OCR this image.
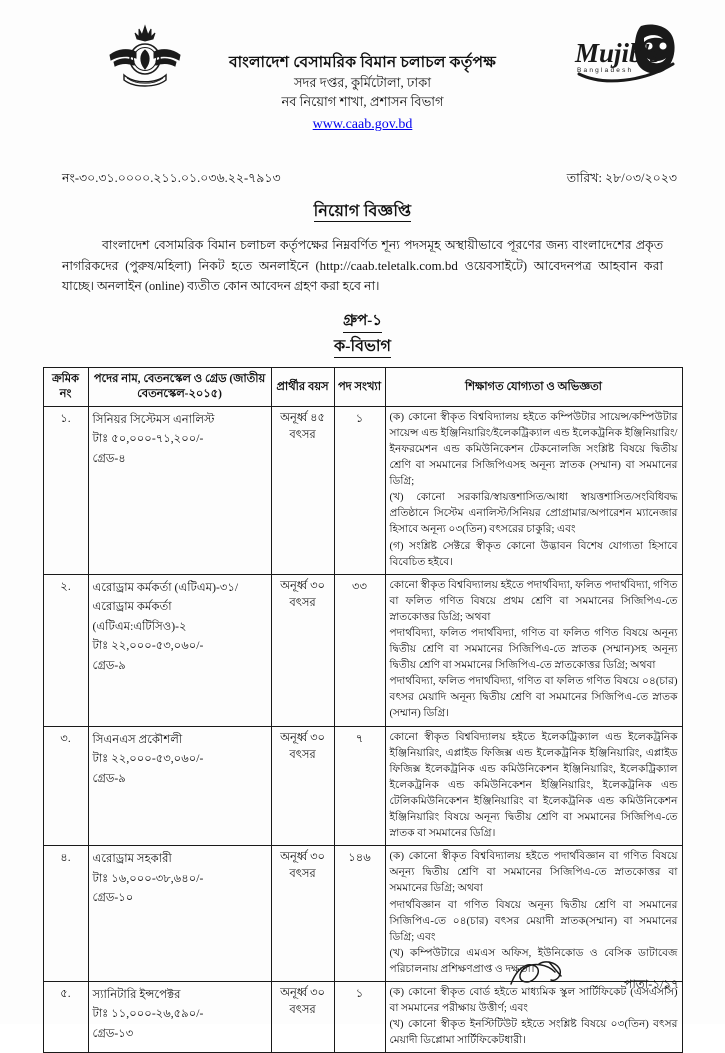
Mujib's
Bangladesh
বাংলাদেশ বেসামরিক বিমান চলাচল কর্তৃপক্ষ
সদর দপ্তর, কুর্মিটোলা, ঢাকা
নব নিয়োগ শাখা, প্রশাসন বিভাগ
www.caab.gov.bd
নং-৩০.৩১.০০০০.২১১.০১.০৩৬.২২-৭৯১৩	তারিখ: ২৮/০৩/২০২৩
নিয়োগ বিজ্ঞপ্তি
বাংলাদেশ বেসামরিক বিমান চলাচল কর্তৃপক্ষের নিম্নবর্ণিত শূন্য পদসমূহ অস্থায়ীভাবে পূরণের জন্য বাংলাদেশের প্রকৃত নাগরিকদের (পুরুষ/মহিলা) নিকট হতে অনলাইনে (http://caab.teletalk.com.bd ওয়েবসাইটে) আবেদনপত্র আহবান করা যাচ্ছে। অনলাইন (online) ব্যতীত কোন আবেদন গ্রহণ করা হবে না।
গ্রুপ-১
ক-বিভাগ
ক্রমিক নং	পদের নাম, বেতনস্কেল ও গ্রেড (জাতীয় বেতনস্কেল-২০১৫)	প্রার্থীর বয়স	পদ সংখ্যা	শিক্ষাগত যোগ্যতা ও অভিজ্ঞতা
১.	সিনিয়র সিস্টেমস এনালিস্ট
টাঃ ৫০,০০০-৭১,২০০/-
গ্রেড-৪	অনূর্ধ্ব ৪৫ বৎসর	১	(ক) কোনো স্বীকৃত বিশ্ববিদ্যালয় হইতে কম্পিউটার সায়েন্স/কম্পিউটার সায়েন্স এন্ড ইঞ্জিনিয়ারিং/ইলেকট্রিক্যাল এন্ড ইলেকট্রনিক ইঞ্জিনিয়ারিং/ইনফরমেশন এন্ড কমিউনিকেশন টেকনোলজি সংশ্লিষ্ট বিষয়ে দ্বিতীয় শ্রেণি বা সমমানের সিজিপিএসহ অনূন্য স্নাতক (সম্মান) বা সমমানের ডিগ্রি;
(খ) কোনো সরকারি/স্বায়ত্তশাসিত/আধা স্বায়ত্তশাসিত/সংবিধিবদ্ধ প্রতিষ্ঠানে সিস্টেম এনালিস্ট/সিনিয়র প্রোগ্রামার/অপারেশন ম্যানেজার হিসাবে অনূন্য ০৩(তিন) বৎসরের চাকুরি; এবং
(গ) সংশ্লিষ্ট সেক্টরে স্বীকৃত কোনো উদ্ভাবন বিশেষ যোগ্যতা হিসাবে বিবেচিত হইবে।
২.	এরোড্রাম কর্মকর্তা (এটিএম)-৩১/
এরোড্রাম কর্মকর্তা (এটিএম:এটিসিও)-২
টাঃ ২২,০০০-৫৩,০৬০/-
গ্রেড-৯	অনূর্ধ্ব ৩০ বৎসর	৩৩	কোনো স্বীকৃত বিশ্ববিদ্যালয় হইতে পদার্থবিদ্যা, ফলিত পদার্থবিদ্যা, গণিত বা ফলিত গণিত বিষয়ে প্রথম শ্রেণি বা সমমানের সিজিপিএ-তে স্নাতকোত্তর ডিগ্রি; অথবা
পদার্থবিদ্যা, ফলিত পদার্থবিদ্যা, গণিত বা ফলিত গণিত বিষয়ে অনূন্য দ্বিতীয় শ্রেণি বা সমমানের সিজিপিএ-তে স্নাতক (সম্মান)সহ অনূন্য দ্বিতীয় শ্রেণি বা সমমানের সিজিপিএ-তে স্নাতকোত্তর ডিগ্রি; অথবা
পদার্থবিদ্যা, ফলিত পদার্থবিদ্যা, গণিত বা ফলিত গণিত বিষয়ে ০৪(চার) বৎসর মেয়াদি অনূন্য দ্বিতীয় শ্রেণি বা সমমানের সিজিপিএ-তে স্নাতক (সম্মান) ডিগ্রি।
৩.	সিএনএস প্রকৌশলী
টাঃ ২২,০০০-৫৩,০৬০/-
গ্রেড-৯	অনূর্ধ্ব ৩০ বৎসর	৭	কোনো স্বীকৃত বিশ্ববিদ্যালয় হইতে ইলেকট্রিক্যাল এন্ড ইলেকট্রনিক ইঞ্জিনিয়ারিং, এপ্লাইড ফিজিক্স এন্ড ইলেকট্রনিক ইঞ্জিনিয়ারিং, এপ্লাইড ফিজিক্স ইলেকট্রনিক এন্ড কমিউনিকেশন ইঞ্জিনিয়ারিং, ইলেকট্রিক্যাল ইলেকট্রনিক এন্ড কমিউনিকেশন ইঞ্জিনিয়ারিং, ইলেকট্রনিক এন্ড টেলিকমিউনিকেশন ইঞ্জিনিয়ারিং বা ইলেকট্রনিক এন্ড কমিউনিকেশন ইঞ্জিনিয়ারিং বিষয়ে অনূন্য দ্বিতীয় শ্রেণি বা সমমানের সিজিপিএ-তে স্নাতক বা সমমানের ডিগ্রি।
৪.	এরোড্রাম সহকারী
টাঃ ১৬,০০০-৩৮,৬৪০/-
গ্রেড-১০	অনূর্ধ্ব ৩০ বৎসর	১৪৬	(ক) কোনো স্বীকৃত বিশ্ববিদ্যালয় হইতে পদার্থবিজ্ঞান বা গণিত বিষয়ে অনূন্য দ্বিতীয় শ্রেণি বা সমমানের সিজিপিএ-তে স্নাতকোত্তর বা সমমানের ডিগ্রি; অথবা
পদার্থবিজ্ঞান বা গণিত বিষয়ে অনূন্য দ্বিতীয় শ্রেণি বা সমমানের সিজিপিএ-তে ০৪(চার) বৎসর মেয়াদী স্নাতক(সম্মান) বা সমমানের ডিগ্রি; এবং
(খ) কম্পিউটারে এমএস অফিস, ইউনিকোড ও বেসিক ডাটাবেজ পরিচালনায় প্রশিক্ষণপ্রাপ্ত ও দক্ষতা।
৫.	স্যানিটারি ইন্সপেক্টর
টাঃ ১১,০০০-২৬,৫৯০/-
গ্রেড-১৩	অনূর্ধ্ব ৩০ বৎসর	১	(ক) কোনো স্বীকৃত বোর্ড হইতে মাধ্যমিক স্কুল সার্টিফিকেট (এসএসসি) বা সমমানের পরীক্ষায় উত্তীর্ণ; এবং
(খ) কোনো স্বীকৃত ইনস্টিটিউট হইতে সংশ্লিষ্ট বিষয়ে ০৩(তিন) বৎসর মেয়াদী ডিপ্লোমা সার্টিফিকেটধারী।
পাতা-১/১৭
